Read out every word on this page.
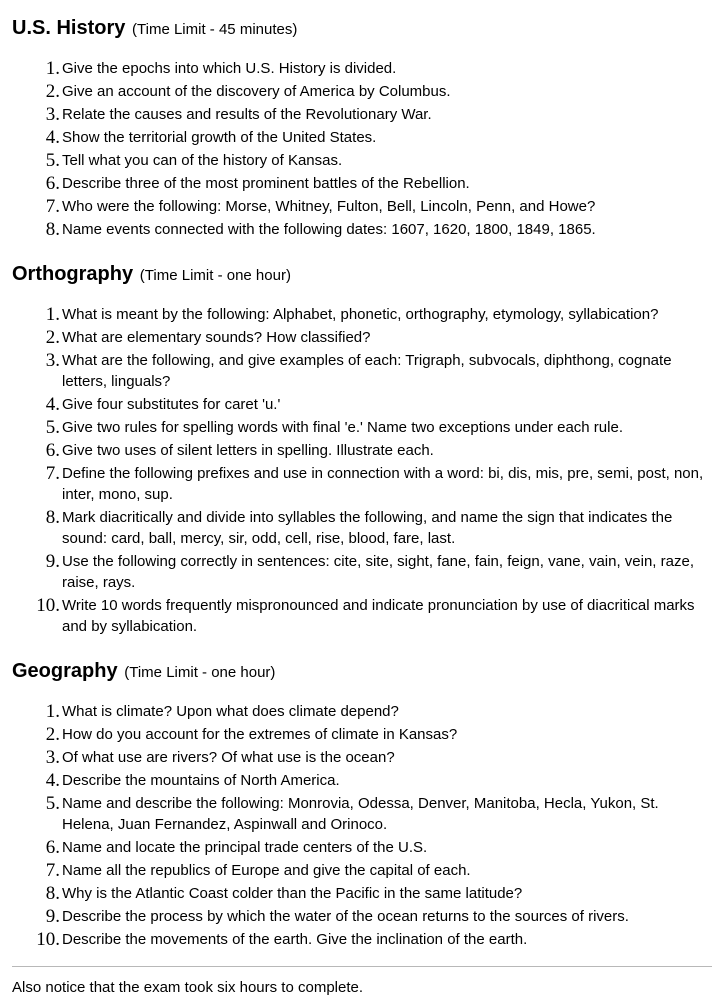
U.S. History (Time Limit - 45 minutes)
1. Give the epochs into which U.S. History is divided.
2. Give an account of the discovery of America by Columbus.
3. Relate the causes and results of the Revolutionary War.
4. Show the territorial growth of the United States.
5. Tell what you can of the history of Kansas.
6. Describe three of the most prominent battles of the Rebellion.
7. Who were the following: Morse, Whitney, Fulton, Bell, Lincoln, Penn, and Howe?
8. Name events connected with the following dates: 1607, 1620, 1800, 1849, 1865.
Orthography (Time Limit - one hour)
1. What is meant by the following: Alphabet, phonetic, orthography, etymology, syllabication?
2. What are elementary sounds? How classified?
3. What are the following, and give examples of each: Trigraph, subvocals, diphthong, cognate letters, linguals?
4. Give four substitutes for caret 'u.'
5. Give two rules for spelling words with final 'e.' Name two exceptions under each rule.
6. Give two uses of silent letters in spelling. Illustrate each.
7. Define the following prefixes and use in connection with a word: bi, dis, mis, pre, semi, post, non, inter, mono, sup.
8. Mark diacritically and divide into syllables the following, and name the sign that indicates the sound: card, ball, mercy, sir, odd, cell, rise, blood, fare, last.
9. Use the following correctly in sentences: cite, site, sight, fane, fain, feign, vane, vain, vein, raze, raise, rays.
10. Write 10 words frequently mispronounced and indicate pronunciation by use of diacritical marks and by syllabication.
Geography (Time Limit - one hour)
1. What is climate? Upon what does climate depend?
2. How do you account for the extremes of climate in Kansas?
3. Of what use are rivers? Of what use is the ocean?
4. Describe the mountains of North America.
5. Name and describe the following: Monrovia, Odessa, Denver, Manitoba, Hecla, Yukon, St. Helena, Juan Fernandez, Aspinwall and Orinoco.
6. Name and locate the principal trade centers of the U.S.
7. Name all the republics of Europe and give the capital of each.
8. Why is the Atlantic Coast colder than the Pacific in the same latitude?
9. Describe the process by which the water of the ocean returns to the sources of rivers.
10. Describe the movements of the earth. Give the inclination of the earth.

Also notice that the exam took six hours to complete.
